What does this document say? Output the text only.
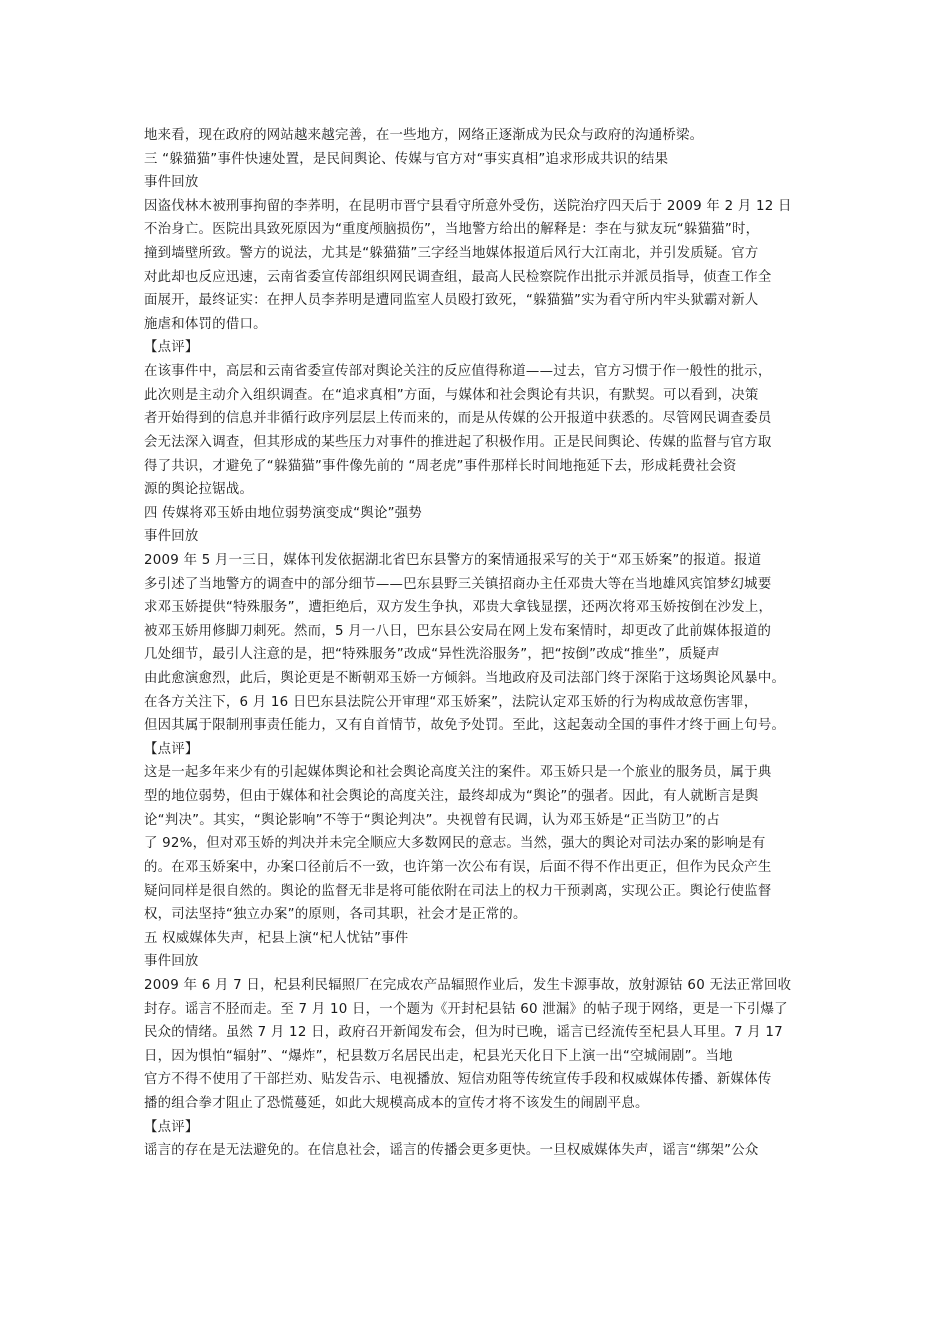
地来看，现在政府的网站越来越完善，在一些地方，网络正逐渐成为民众与政府的沟通桥梁。
三 “躲猫猫”事件快速处置，是民间舆论、传媒与官方对“事实真相”追求形成共识的结果
事件回放
因盗伐林木被刑事拘留的李荞明，在昆明市晋宁县看守所意外受伤，送院治疗四天后于 2009 年 2 月 12 日
不治身亡。医院出具致死原因为“重度颅脑损伤”，当地警方给出的解释是：李在与狱友玩“躲猫猫”时，
撞到墙壁所致。警方的说法，尤其是“躲猫猫”三字经当地媒体报道后风行大江南北，并引发质疑。官方
对此却也反应迅速，云南省委宣传部组织网民调查组，最高人民检察院作出批示并派员指导，侦查工作全
面展开，最终证实：在押人员李荞明是遭同监室人员殴打致死，“躲猫猫”实为看守所内牢头狱霸对新人
施虐和体罚的借口。
【点评】
在该事件中，高层和云南省委宣传部对舆论关注的反应值得称道——过去，官方习惯于作一般性的批示，
此次则是主动介入组织调查。在“追求真相”方面，与媒体和社会舆论有共识，有默契。可以看到，决策
者开始得到的信息并非循行政序列层层上传而来的，而是从传媒的公开报道中获悉的。尽管网民调查委员
会无法深入调查，但其形成的某些压力对事件的推进起了积极作用。正是民间舆论、传媒的监督与官方取
得了共识，才避免了“躲猫猫”事件像先前的 “周老虎”事件那样长时间地拖延下去，形成耗费社会资
源的舆论拉锯战。
四 传媒将邓玉娇由地位弱势演变成“舆论”强势
事件回放
2009 年 5 月一三日，媒体刊发依据湖北省巴东县警方的案情通报采写的关于“邓玉娇案”的报道。报道
多引述了当地警方的调查中的部分细节——巴东县野三关镇招商办主任邓贵大等在当地雄风宾馆梦幻城要
求邓玉娇提供“特殊服务”，遭拒绝后，双方发生争执，邓贵大拿钱显摆，还两次将邓玉娇按倒在沙发上，
被邓玉娇用修脚刀刺死。然而，5 月一八日，巴东县公安局在网上发布案情时，却更改了此前媒体报道的
几处细节，最引人注意的是，把“特殊服务”改成“异性洗浴服务”，把“按倒”改成“推坐”，质疑声
由此愈演愈烈，此后，舆论更是不断朝邓玉娇一方倾斜。当地政府及司法部门终于深陷于这场舆论风暴中。
在各方关注下，6 月 16 日巴东县法院公开审理“邓玉娇案”，法院认定邓玉娇的行为构成故意伤害罪，
但因其属于限制刑事责任能力，又有自首情节，故免予处罚。至此，这起轰动全国的事件才终于画上句号。
【点评】
这是一起多年来少有的引起媒体舆论和社会舆论高度关注的案件。邓玉娇只是一个旅业的服务员，属于典
型的地位弱势，但由于媒体和社会舆论的高度关注，最终却成为“舆论”的强者。因此，有人就断言是舆
论“判决”。其实，“舆论影响”不等于“舆论判决”。央视曾有民调，认为邓玉娇是“正当防卫”的占
了 92%，但对邓玉娇的判决并未完全顺应大多数网民的意志。当然，强大的舆论对司法办案的影响是有
的。在邓玉娇案中，办案口径前后不一致，也许第一次公布有误，后面不得不作出更正，但作为民众产生
疑问同样是很自然的。舆论的监督无非是将可能依附在司法上的权力干预剥离，实现公正。舆论行使监督
权，司法坚持“独立办案”的原则，各司其职，社会才是正常的。
五 权威媒体失声，杞县上演“杞人忧钴”事件
事件回放
2009 年 6 月 7 日，杞县利民辐照厂在完成农产品辐照作业后，发生卡源事故，放射源钴 60 无法正常回收
封存。谣言不胫而走。至 7 月 10 日，一个题为《开封杞县钴 60 泄漏》的帖子现于网络，更是一下引爆了
民众的情绪。虽然 7 月 12 日，政府召开新闻发布会，但为时已晚，谣言已经流传至杞县人耳里。7 月 17
日，因为惧怕“辐射”、“爆炸”，杞县数万名居民出走，杞县光天化日下上演一出“空城闹剧”。当地
官方不得不使用了干部拦劝、贴发告示、电视播放、短信劝阻等传统宣传手段和权威媒体传播、新媒体传
播的组合拳才阻止了恐慌蔓延，如此大规模高成本的宣传才将不该发生的闹剧平息。
【点评】
谣言的存在是无法避免的。在信息社会，谣言的传播会更多更快。一旦权威媒体失声，谣言“绑架”公众
